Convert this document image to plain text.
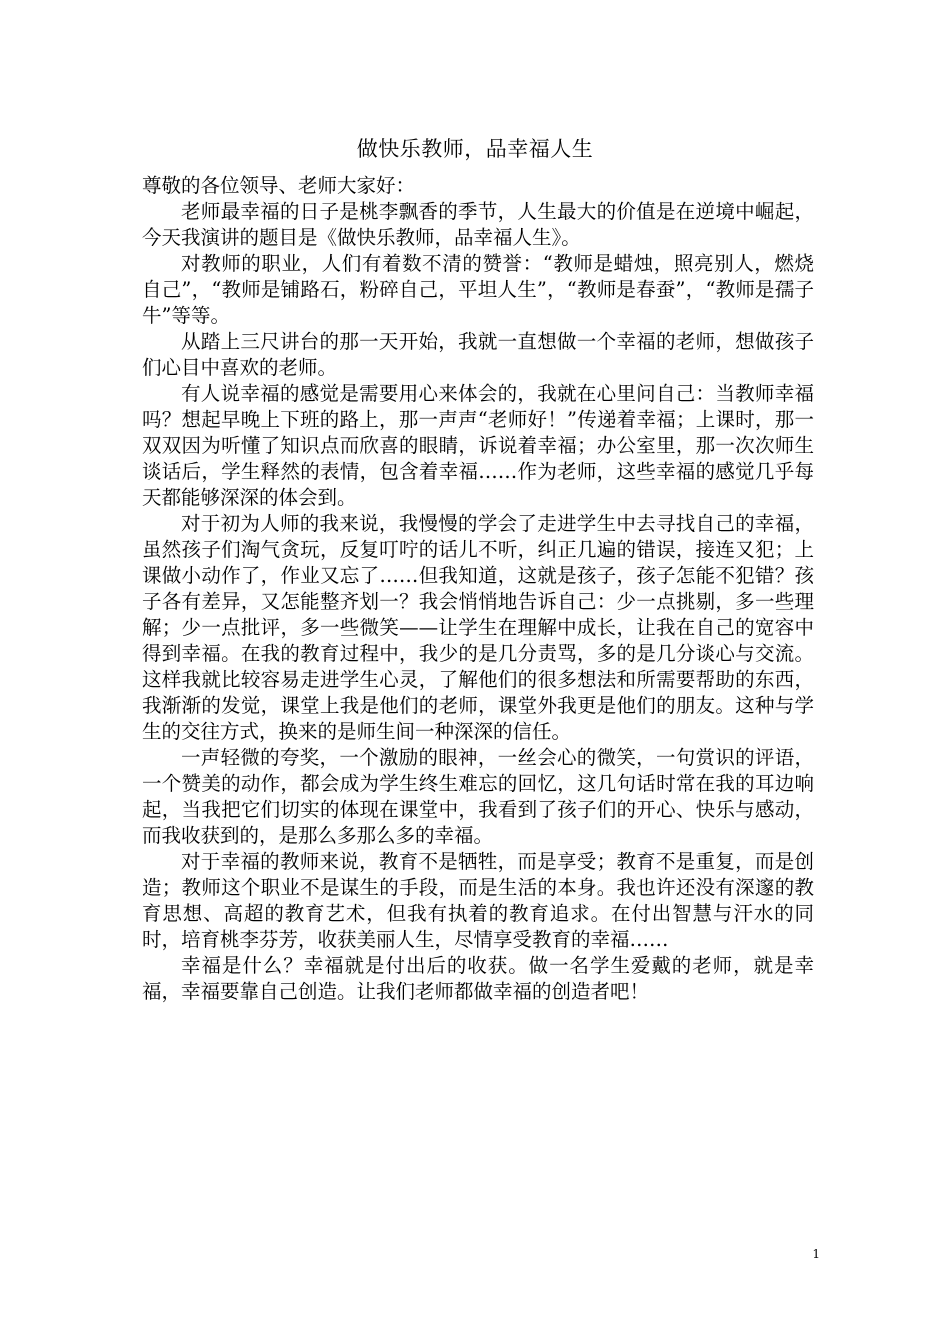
做快乐教师，品幸福人生

尊敬的各位领导、老师大家好：

老师最幸福的日子是桃李飘香的季节，人生最大的价值是在逆境中崛起，今天我演讲的题目是《做快乐教师，品幸福人生》。

对教师的职业，人们有着数不清的赞誉：“教师是蜡烛，照亮别人，燃烧自己”，“教师是铺路石，粉碎自己，平坦人生”，“教师是春蚕”，“教师是孺子牛”等等。

从踏上三尺讲台的那一天开始，我就一直想做一个幸福的老师，想做孩子们心目中喜欢的老师。

有人说幸福的感觉是需要用心来体会的，我就在心里问自己：当教师幸福吗？想起早晚上下班的路上，那一声声“老师好！”传递着幸福；上课时，那一双双因为听懂了知识点而欣喜的眼睛，诉说着幸福；办公室里，那一次次师生谈话后，学生释然的表情，包含着幸福……作为老师，这些幸福的感觉几乎每天都能够深深的体会到。

对于初为人师的我来说，我慢慢的学会了走进学生中去寻找自己的幸福，虽然孩子们淘气贪玩，反复叮咛的话儿不听，纠正几遍的错误，接连又犯；上课做小动作了，作业又忘了……但我知道，这就是孩子，孩子怎能不犯错？孩子各有差异，又怎能整齐划一？我会悄悄地告诉自己：少一点挑剔，多一些理解；少一点批评，多一些微笑——让学生在理解中成长，让我在自己的宽容中得到幸福。在我的教育过程中，我少的是几分责骂，多的是几分谈心与交流。这样我就比较容易走进学生心灵，了解他们的很多想法和所需要帮助的东西，我渐渐的发觉，课堂上我是他们的老师，课堂外我更是他们的朋友。这种与学生的交往方式，换来的是师生间一种深深的信任。

一声轻微的夸奖，一个激励的眼神，一丝会心的微笑，一句赏识的评语，一个赞美的动作，都会成为学生终生难忘的回忆，这几句话时常在我的耳边响起，当我把它们切实的体现在课堂中，我看到了孩子们的开心、快乐与感动，而我收获到的，是那么多那么多的幸福。

对于幸福的教师来说，教育不是牺牲，而是享受；教育不是重复，而是创造；教师这个职业不是谋生的手段，而是生活的本身。我也许还没有深邃的教育思想、高超的教育艺术，但我有执着的教育追求。在付出智慧与汗水的同时，培育桃李芬芳，收获美丽人生，尽情享受教育的幸福……

幸福是什么？幸福就是付出后的收获。做一名学生爱戴的老师，就是幸福，幸福要靠自己创造。让我们老师都做幸福的创造者吧！

1
